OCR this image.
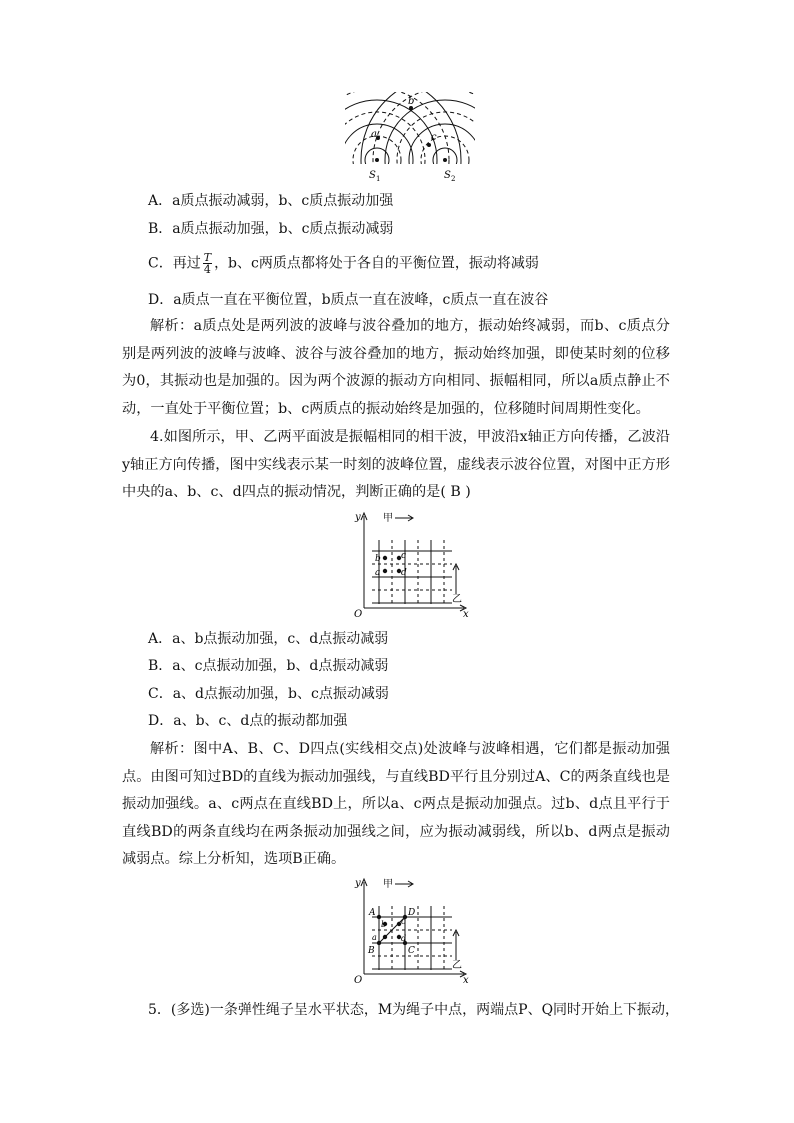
b
a	c
S 1	S 2
A．a质点振动减弱，b、c质点振动加强
B．a质点振动加强，b、c质点振动减弱
C．再过 $\frac{T}{4}$ ，b、c两质点都将处于各自的平衡位置，振动将减弱
D．a质点一直在平衡位置，b质点一直在波峰，c质点一直在波谷
解析：a质点处是两列波的波峰与波谷叠加的地方，振动始终减弱，而b、c质点分别是两列波的波峰与波峰、波谷与波谷叠加的地方，振动始终加强，即使某时刻的位移为0，其振动也是加强的。因为两个波源的振动方向相同、振幅相同，所以a质点静止不动，一直处于平衡位置；b、c两质点的振动始终是加强的，位移随时间周期性变化。
4.如图所示，甲、乙两平面波是振幅相同的相干波，甲波沿x轴正方向传播，乙波沿y轴正方向传播，图中实线表示某一时刻的波峰位置，虚线表示波谷位置，对图中正方形中央的a、b、c、d四点的振动情况，判断正确的是( B )
y
x
O
甲
乙
b c
a d
A．a、b点振动加强，c、d点振动减弱
B．a、c点振动加强，b、d点振动减弱
C．a、d点振动加强，b、c点振动减弱
D．a、b、c、d点的振动都加强
解析：图中A、B、C、D四点(实线相交点)处波峰与波峰相遇，它们都是振动加强点。由图可知过BD的直线为振动加强线，与直线BD平行且分别过A、C的两条直线也是振动加强线。a、c两点在直线BD上，所以a、c两点是振动加强点。过b、d点且平行于直线BD的两条直线均在两条振动加强线之间，应为振动减弱线，所以b、d两点是振动减弱点。综上分析知，选项B正确。
y
x
O
甲
乙
A
B	C
D
b c
a	d
5．(多选)一条弹性绳子呈水平状态，M为绳子中点，两端点P、Q同时开始上下振动，
